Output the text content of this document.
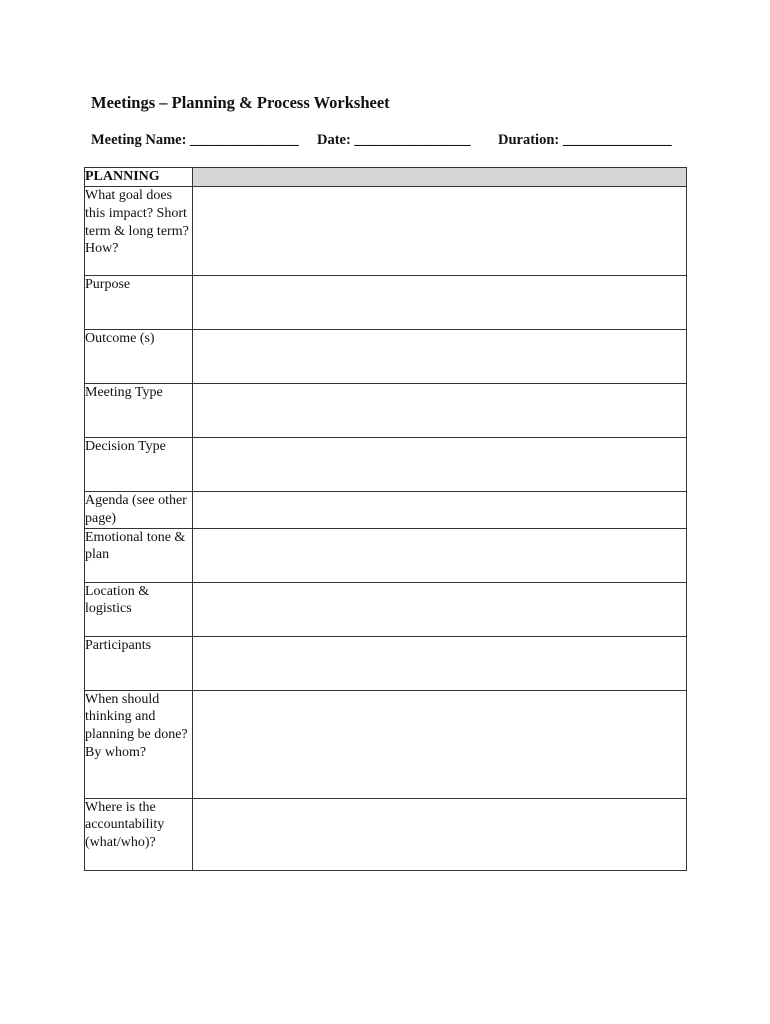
Meetings – Planning & Process Worksheet
Meeting Name: _______________ Date: ________________ Duration: _______________
PLANNING	
What goal does this impact? Short term & long term? How?	
Purpose	
Outcome (s)	
Meeting Type	
Decision Type	
Agenda (see other page)	
Emotional tone & plan	
Location & logistics	
Participants	
When should thinking and planning be done? By whom?	
Where is the accountability (what/who)?	
